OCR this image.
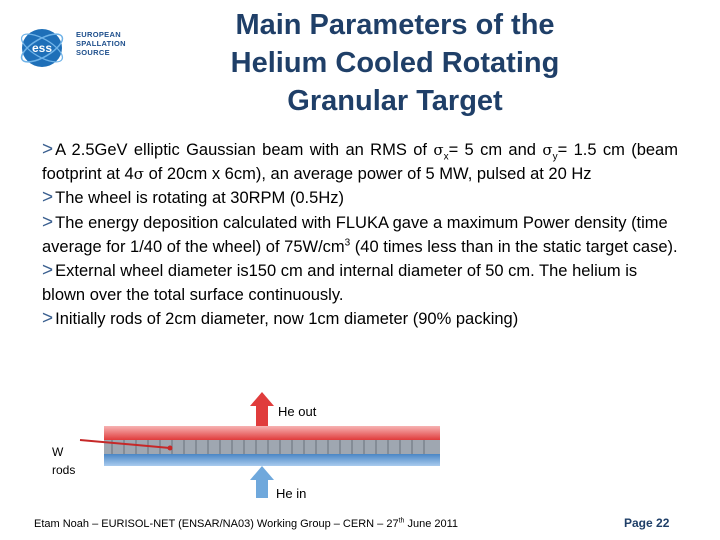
ess
EUROPEAN
SPALLATION
SOURCE
Main Parameters of the
Helium Cooled Rotating
Granular Target

> A 2.5GeV elliptic Gaussian beam with an RMS of $\sigma_x= 5$ cm and $\sigma_y= 1.5$ cm (beam footprint at 4σ of 20cm x 6cm), an average power of 5 MW, pulsed at 20 Hz

> The wheel is rotating at 30RPM (0.5Hz)

> The energy deposition calculated with FLUKA gave a maximum Power density (time average for 1/40 of the wheel) of $75W/cm^3$ (40 times less than in the static target case).

> External wheel diameter is150 cm and internal diameter of 50 cm. The helium is blown over the total surface continuously.

> Initially rods of 2cm diameter, now 1cm diameter (90% packing)

He out
He in
W
rods
Etam Noah – EURISOL-NET (ENSAR/NA03) Working Group – CERN – 27th June 2011	Page 22
